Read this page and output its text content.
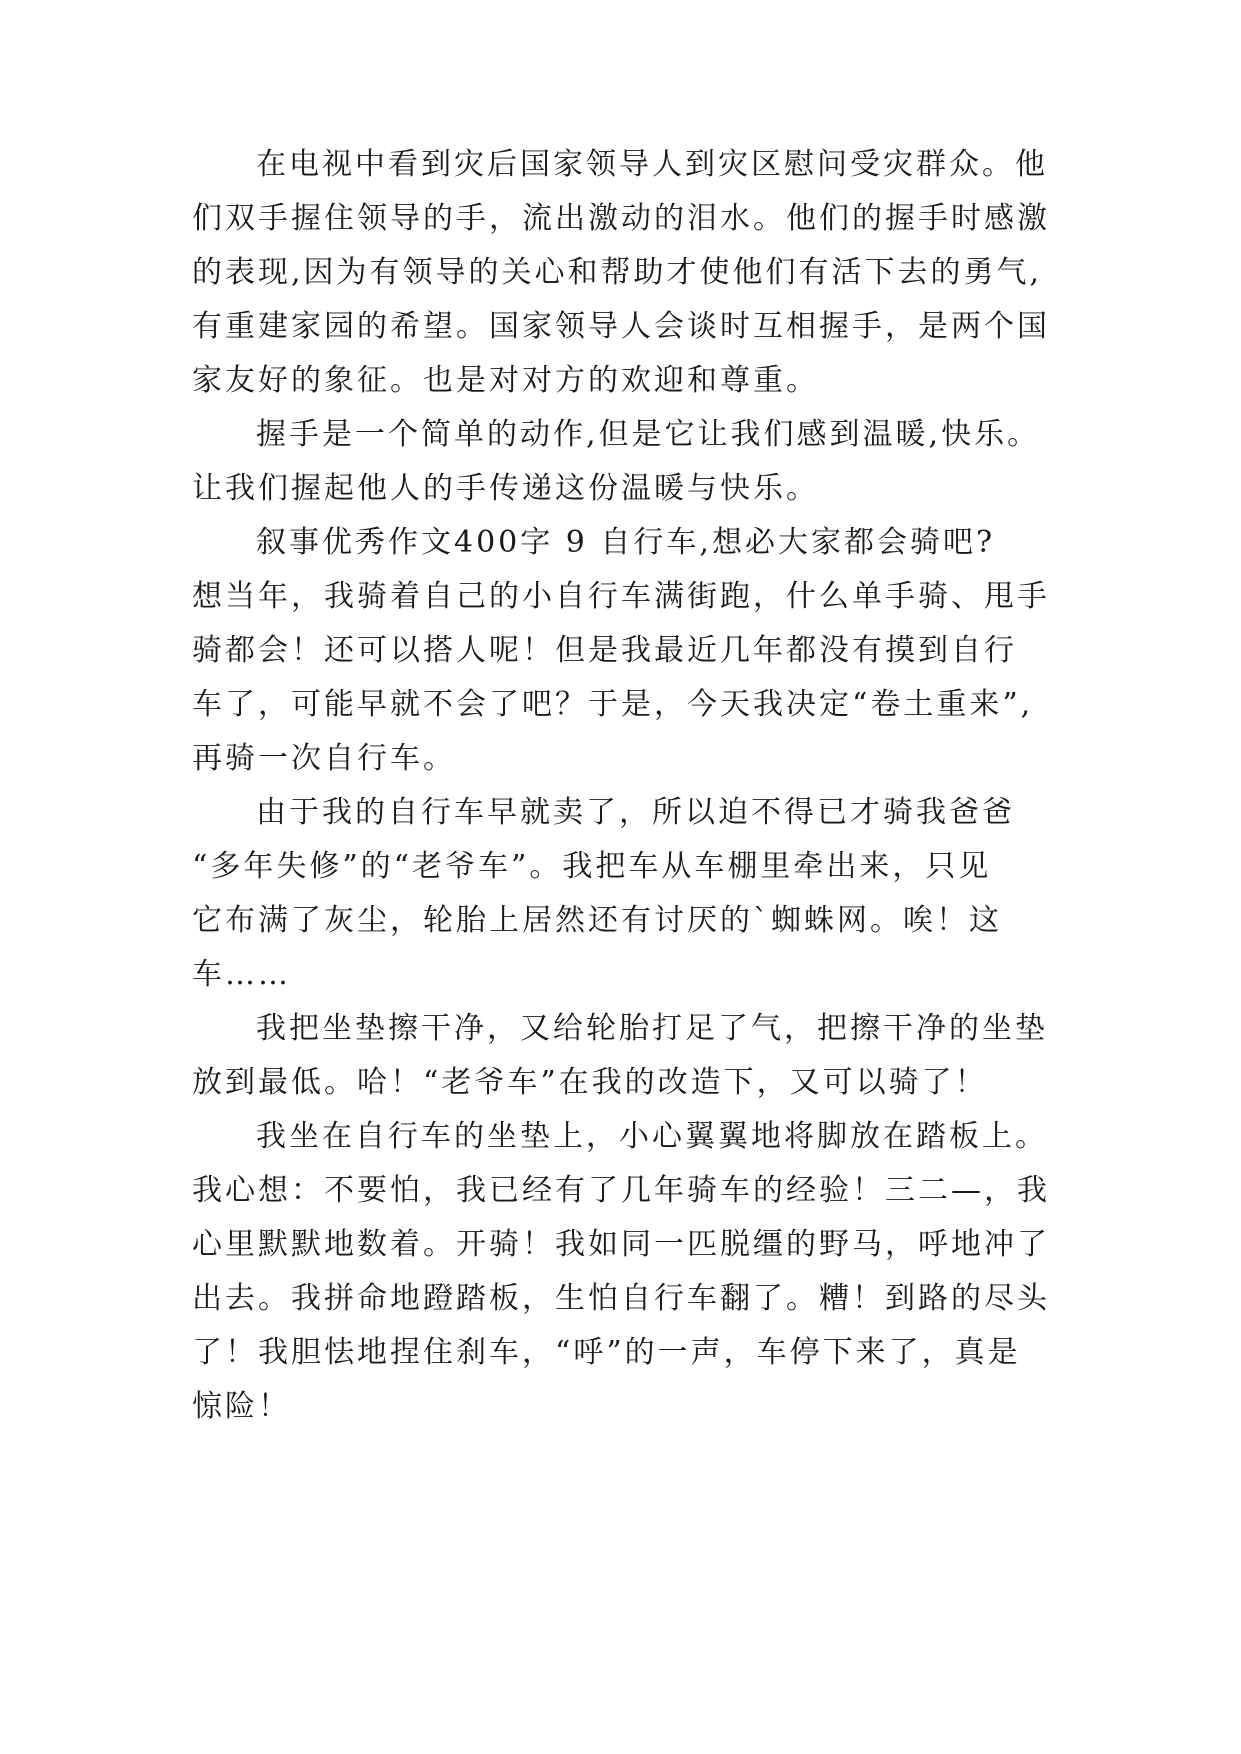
在电视中看到灾后国家领导人到灾区慰问受灾群众。他
们双手握住领导的手，流出激动的泪水。他们的握手时感激
的表现,因为有领导的关心和帮助才使他们有活下去的勇气,
有重建家园的希望。国家领导人会谈时互相握手，是两个国
家友好的象征。也是对对方的欢迎和尊重。
握手是一个简单的动作,但是它让我们感到温暖,快乐。
让我们握起他人的手传递这份温暖与快乐。
叙事优秀作文400字 9 自行车,想必大家都会骑吧?
想当年，我骑着自己的小自行车满街跑，什么单手骑、甩手
骑都会！还可以搭人呢！但是我最近几年都没有摸到自行
车了，可能早就不会了吧？于是，今天我决定“卷土重来”,
再骑一次自行车。
由于我的自行车早就卖了，所以迫不得已才骑我爸爸
“多年失修”的“老爷车”。我把车从车棚里牵出来，只见
它布满了灰尘，轮胎上居然还有讨厌的`蜘蛛网。唉！这
车……
我把坐垫擦干净，又给轮胎打足了气，把擦干净的坐垫
放到最低。哈！“老爷车”在我的改造下，又可以骑了！
我坐在自行车的坐垫上，小心翼翼地将脚放在踏板上。
我心想：不要怕，我已经有了几年骑车的经验！三二—，我
心里默默地数着。开骑！我如同一匹脱缰的野马，呼地冲了
出去。我拼命地蹬踏板，生怕自行车翻了。糟！到路的尽头
了！我胆怯地捏住刹车，“呼”的一声，车停下来了，真是
惊险！
